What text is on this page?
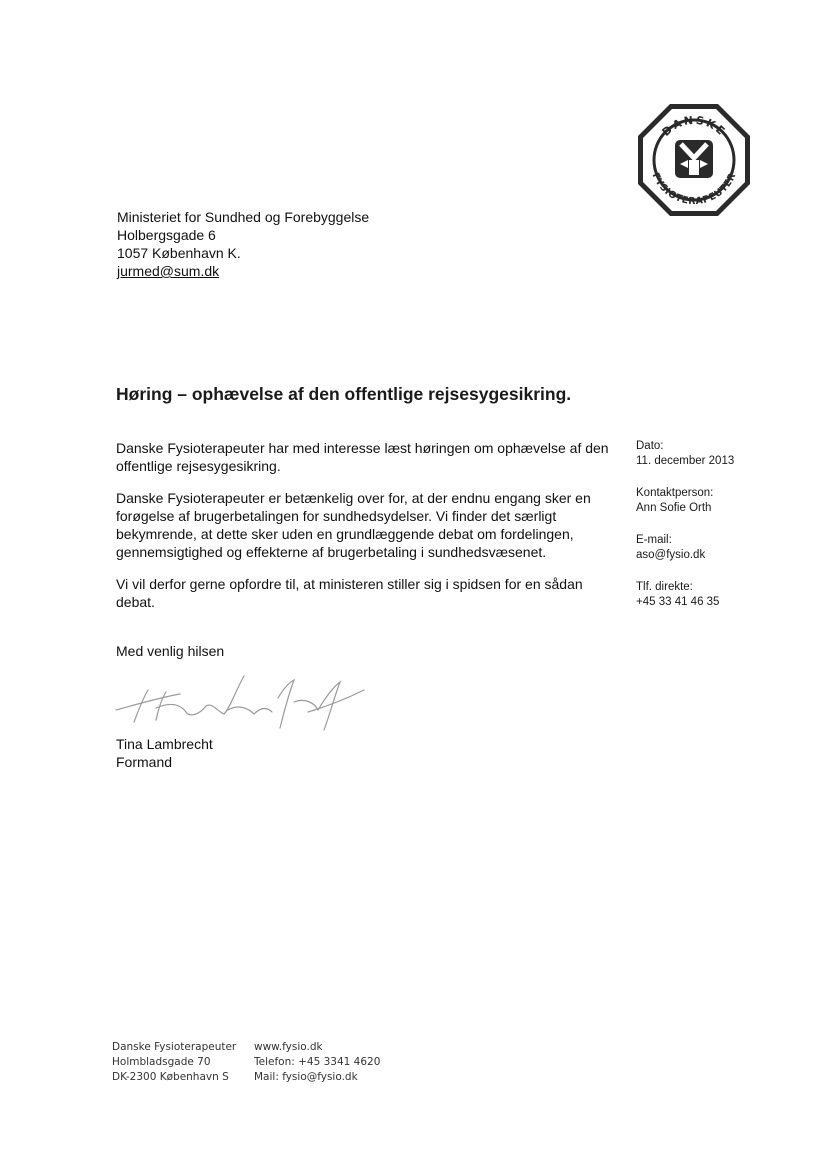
DANSKE
FYSIOTERAPEUTER
Ministeriet for Sundhed og Forebyggelse
Holbergsgade 6
1057 København K.
jurmed@sum.dk
Høring – ophævelse af den offentlige rejsesygesikring.

Danske Fysioterapeuter har med interesse læst høringen om ophævelse af den offentlige rejsesygesikring.

Danske Fysioterapeuter er betænkelig over for, at der endnu engang sker en forøgelse af brugerbetalingen for sundhedsydelser. Vi finder det særligt bekymrende, at dette sker uden en grundlæggende debat om fordelingen, gennemsigtighed og effekterne af brugerbetaling i sundhedsvæsenet.

Vi vil derfor gerne opfordre til, at ministeren stiller sig i spidsen for en sådan debat.

Dato:
11. december 2013
Kontaktperson:
Ann Sofie Orth
E-mail:
aso@fysio.dk
Tlf. direkte:
+45 33 41 46 35
Med venlig hilsen
Tina Lambrecht
Formand
Danske Fysioterapeuter
Holmbladsgade 70
DK-2300 København S
www.fysio.dk
Telefon: +45 3341 4620
Mail: fysio@fysio.dk
